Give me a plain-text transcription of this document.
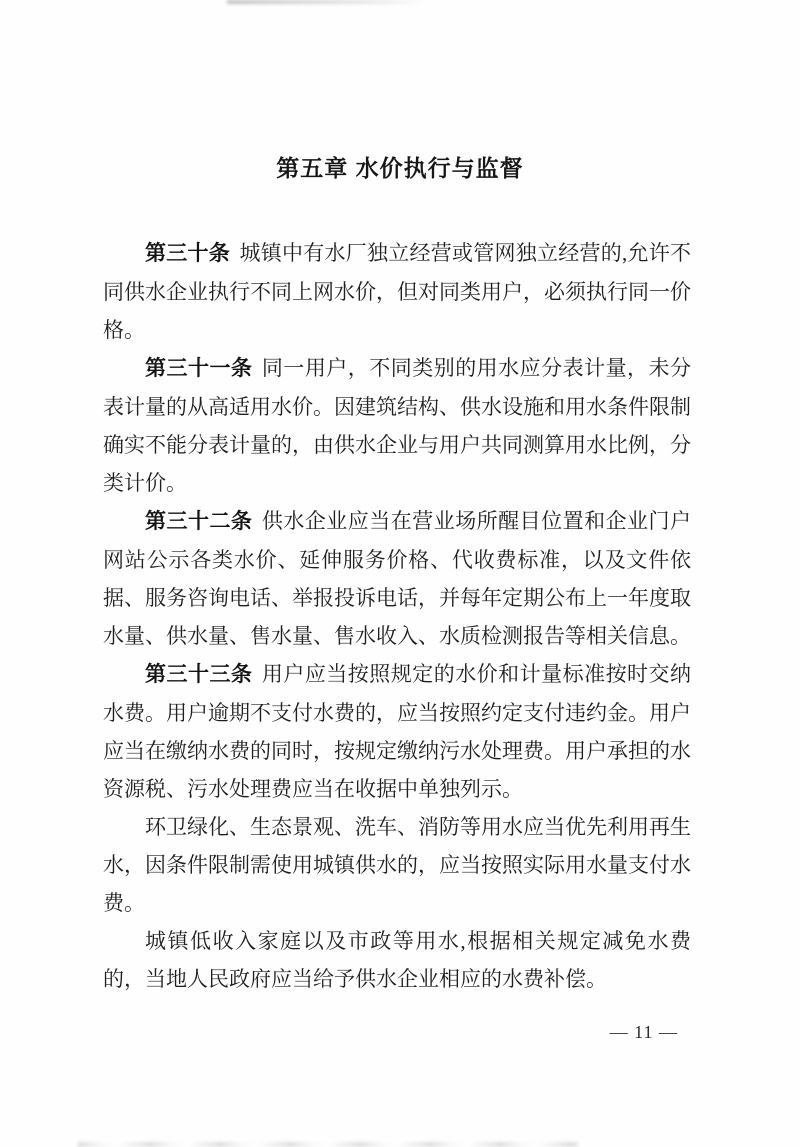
第五章 水价执行与监督

第三十条 城镇中有水厂独立经营或管网独立经营的,允许不同供水企业执行不同上网水价，但对同类用户，必须执行同一价格。

第三十一条 同一用户，不同类别的用水应分表计量，未分表计量的从高适用水价。因建筑结构、供水设施和用水条件限制确实不能分表计量的，由供水企业与用户共同测算用水比例，分类计价。

第三十二条 供水企业应当在营业场所醒目位置和企业门户网站公示各类水价、延伸服务价格、代收费标准，以及文件依据、服务咨询电话、举报投诉电话，并每年定期公布上一年度取水量、供水量、售水量、售水收入、水质检测报告等相关信息。

第三十三条 用户应当按照规定的水价和计量标准按时交纳水费。用户逾期不支付水费的，应当按照约定支付违约金。用户应当在缴纳水费的同时，按规定缴纳污水处理费。用户承担的水资源税、污水处理费应当在收据中单独列示。

环卫绿化、生态景观、洗车、消防等用水应当优先利用再生水，因条件限制需使用城镇供水的，应当按照实际用水量支付水费。

城镇低收入家庭以及市政等用水,根据相关规定减免水费的，当地人民政府应当给予供水企业相应的水费补偿。

— 11 —
